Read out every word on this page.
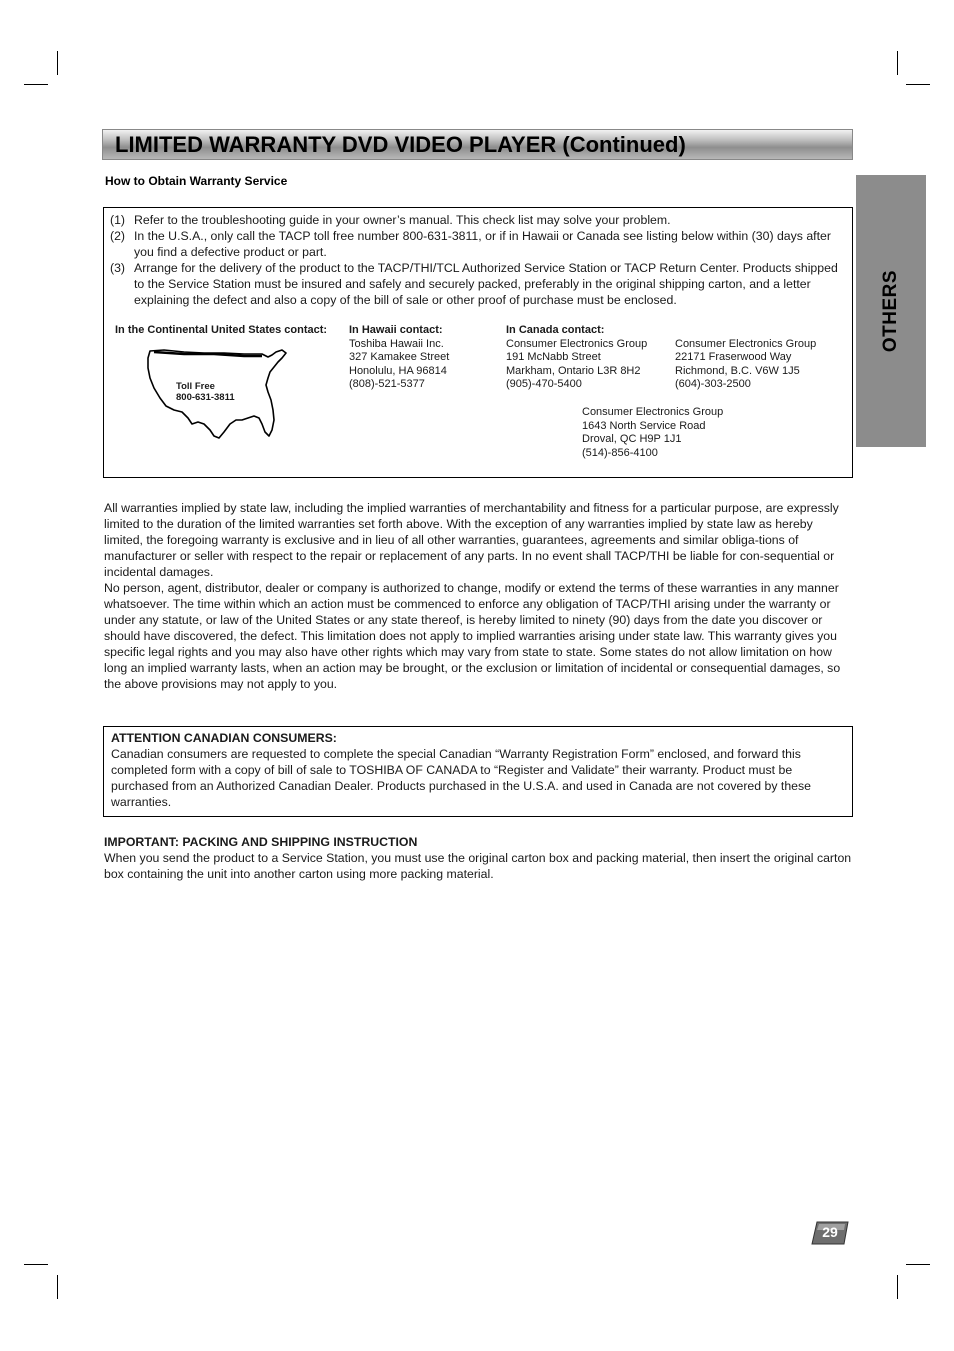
LIMITED WARRANTY DVD VIDEO PLAYER (Continued)
OTHERS
How to Obtain Warranty Service
(1) Refer to the troubleshooting guide in your owner’s manual. This check list may solve your problem.
(2) In the U.S.A., only call the TACP toll free number 800-631-3811, or if in Hawaii or Canada see listing below within (30) days after you find a defective product or part.
(3) Arrange for the delivery of the product to the TACP/THI/TCL Authorized Service Station or TACP Return Center. Products shipped to the Service Station must be insured and safely and securely packed, preferably in the original shipping carton, and a letter explaining the defect and also a copy of the bill of sale or other proof of purchase must be enclosed.
In the Continental United States contact:
Toll Free
800-631-3811
In Hawaii contact:
Toshiba Hawaii Inc.
327 Kamakee Street
Honolulu, HA 96814
(808)-521-5377
In Canada contact:
Consumer Electronics Group
191 McNabb Street
Markham, Ontario L3R 8H2
(905)-470-5400
Consumer Electronics Group
22171 Fraserwood Way
Richmond, B.C. V6W 1J5
(604)-303-2500
Consumer Electronics Group
1643 North Service Road
Droval, QC H9P 1J1
(514)-856-4100

All warranties implied by state law, including the implied warranties of merchantability and fitness for a particular purpose, are expressly limited to the duration of the limited warranties set forth above. With the exception of any warranties implied by state law as hereby limited, the foregoing warranty is exclusive and in lieu of all other warranties, guarantees, agreements and similar obliga-tions of manufacturer or seller with respect to the repair or replacement of any parts. In no event shall TACP/THI be liable for con-sequential or incidental damages.

No person, agent, distributor, dealer or company is authorized to change, modify or extend the terms of these warranties in any manner whatsoever. The time within which an action must be commenced to enforce any obligation of TACP/THI arising under the warranty or under any statute, or law of the United States or any state thereof, is hereby limited to ninety (90) days from the date you discover or should have discovered, the defect. This limitation does not apply to implied warranties arising under state law. This warranty gives you specific legal rights and you may also have other rights which may vary from state to state. Some states do not allow limitation on how long an implied warranty lasts, when an action may be brought, or the exclusion or limitation of incidental or consequential damages, so the above provisions may not apply to you.

ATTENTION CANADIAN CONSUMERS:
Canadian consumers are requested to complete the special Canadian “Warranty Registration Form” enclosed, and forward this completed form with a copy of bill of sale to TOSHIBA OF CANADA to “Register and Validate” their warranty. Product must be purchased from an Authorized Canadian Dealer. Products purchased in the U.S.A. and used in Canada are not covered by these warranties.

IMPORTANT: PACKING AND SHIPPING INSTRUCTION

When you send the product to a Service Station, you must use the original carton box and packing material, then insert the original carton box containing the unit into another carton using more packing material.

29
